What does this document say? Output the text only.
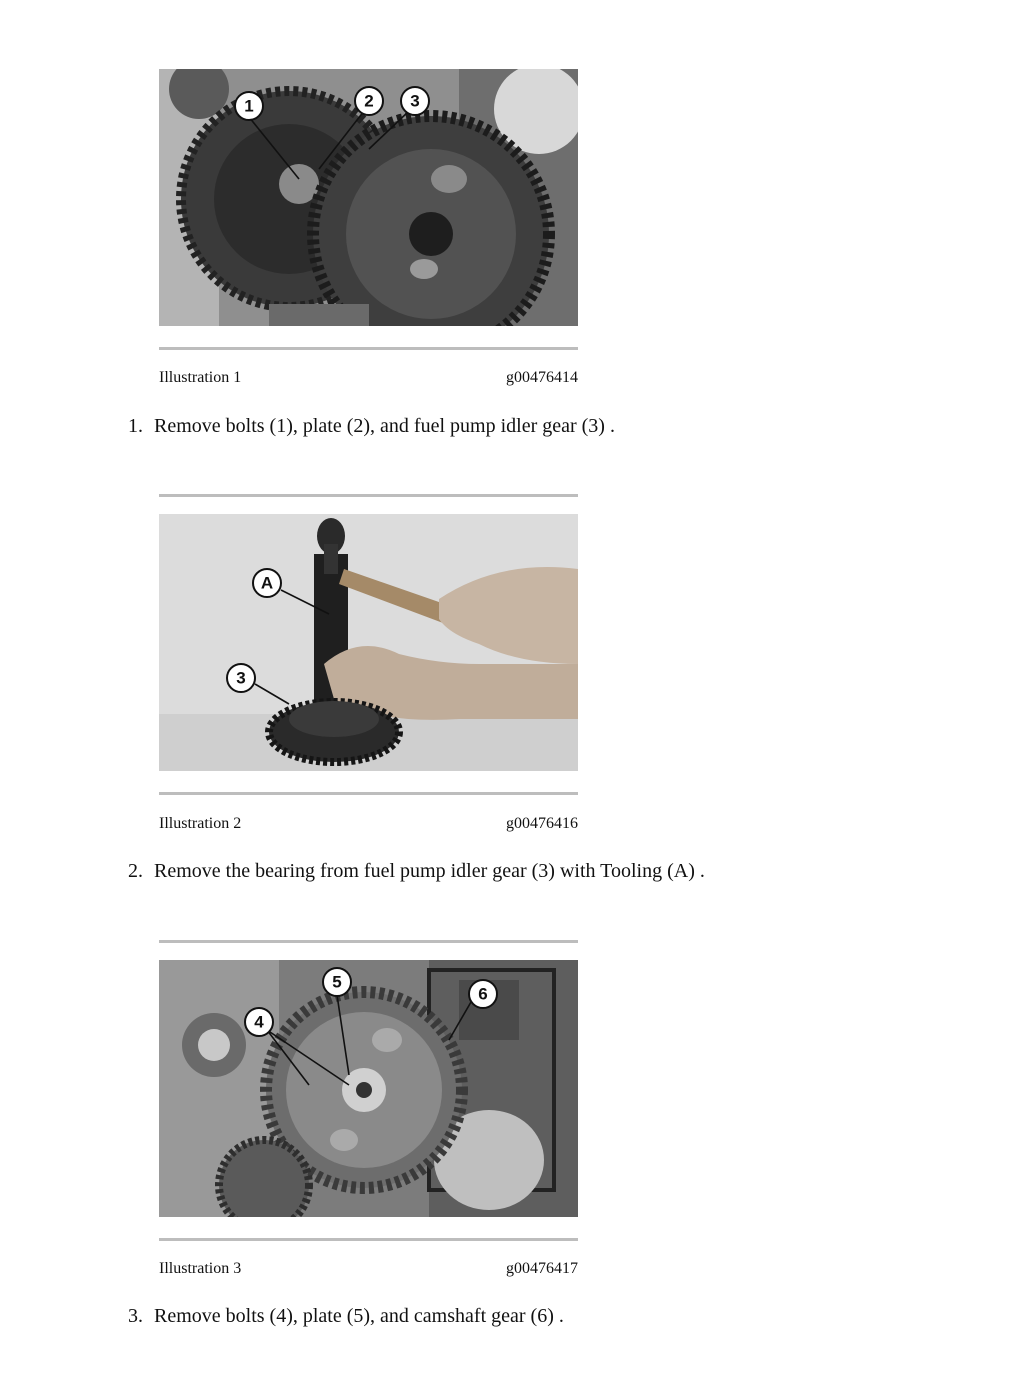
1	2 3
Illustration 1	g00476414
1. Remove bolts (1), plate (2), and fuel pump idler gear (3) .
A
3
Illustration 2	g00476416
2. Remove the bearing from fuel pump idler gear (3) with Tooling (A) .
5
6
4
Illustration 3	g00476417
3. Remove bolts (4), plate (5), and camshaft gear (6) .
